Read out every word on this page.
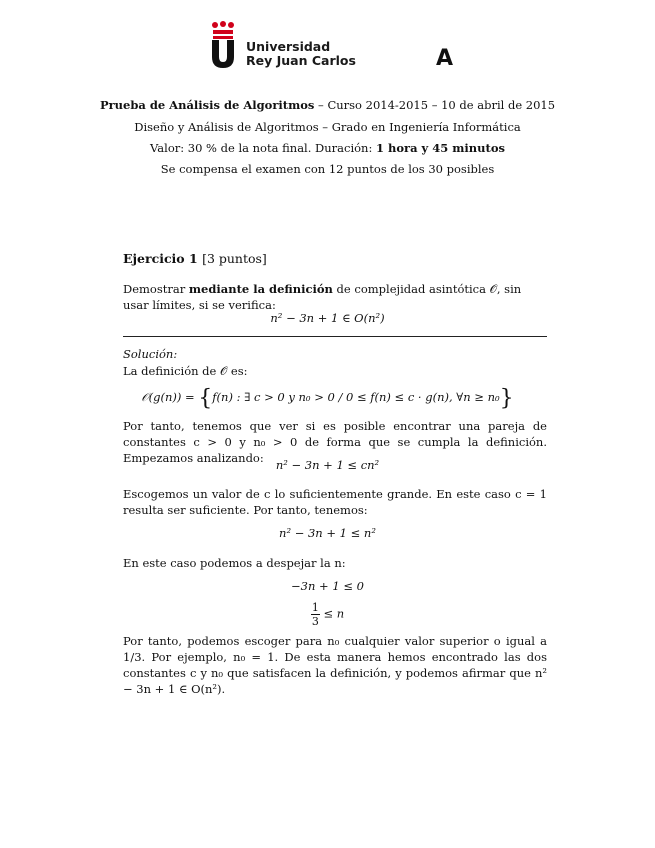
Universidad
Rey Juan Carlos	A
Prueba de Análisis de Algoritmos – Curso 2014-2015 – 10 de abril de 2015
Diseño y Análisis de Algoritmos – Grado en Ingeniería Informática
Valor: 30 % de la nota final. Duración: 1 hora y 45 minutos
Se compensa el examen con 12 puntos de los 30 posibles
Ejercicio 1 [3 puntos]
Demostrar mediante la definición de complejidad asintótica 𝒪, sin usar límites, si se verifica:
n² − 3n + 1 ∈ O(n²)
Solución:
La definición de 𝒪 es:
𝒪(g(n)) = {f(n) : ∃ c > 0 y n₀ > 0 / 0 ≤ f(n) ≤ c · g(n), ∀n ≥ n₀}
Por tanto, tenemos que ver si es posible encontrar una pareja de constantes c > 0 y n₀ > 0 de forma que se cumpla la definición. Empezamos analizando:	n² − 3n + 1 ≤ cn²
Escogemos un valor de c lo suficientemente grande. En este caso c = 1 resulta ser suficiente. Por tanto, tenemos:
n² − 3n + 1 ≤ n²
En este caso podemos a despejar la n:
−3n + 1 ≤ 0
$\frac{1}{3} \le n$
Por tanto, podemos escoger para n₀ cualquier valor superior o igual a 1/3. Por ejemplo, n₀ = 1. De esta manera hemos encontrado las dos constantes c y n₀ que satisfacen la definición, y podemos afirmar que n² − 3n + 1 ∈ O(n²).
